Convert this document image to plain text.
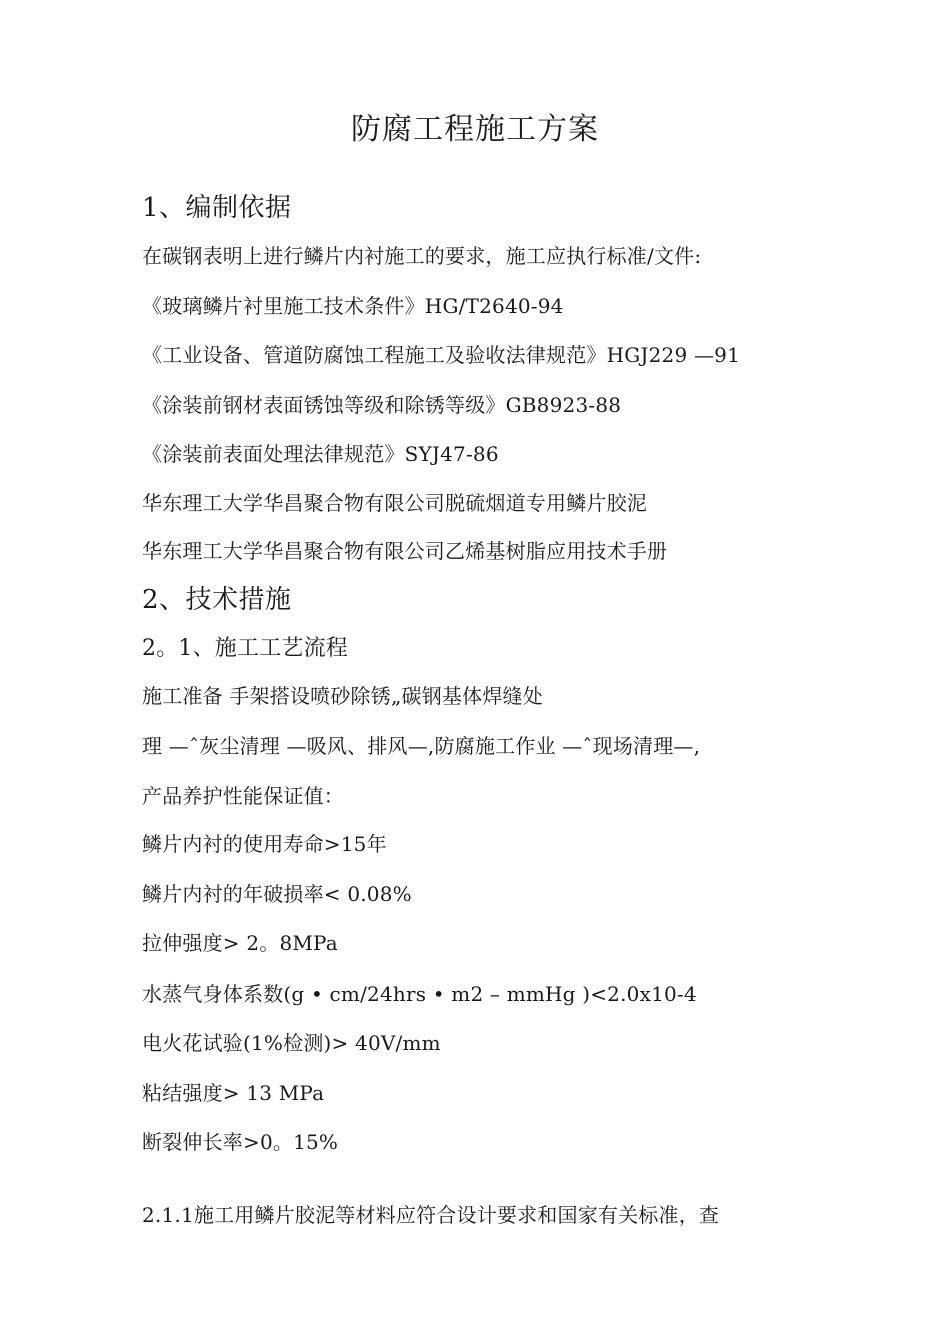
防腐工程施工方案
1、编制依据
在碳钢表明上进行鳞片内衬施工的要求，施工应执行标准/文件:
《玻璃鳞片衬里施工技术条件》HG/T2640-94
《工业设备、管道防腐蚀工程施工及验收法律规范》HGJ229 —91
《涂装前钢材表面锈蚀等级和除锈等级》GB8923-88
《涂装前表面处理法律规范》SYJ47-86
华东理工大学华昌聚合物有限公司脱硫烟道专用鳞片胶泥
华东理工大学华昌聚合物有限公司乙烯基树脂应用技术手册
2、技术措施
2。1、施工工艺流程
施工准备 手架搭设喷砂除锈„碳钢基体焊缝处
理 —ˆ灰尘清理 —吸风、排风—,防腐施工作业 —ˆ现场清理—,
产品养护性能保证值：
鳞片内衬的使用寿命>15年
鳞片内衬的年破损率< 0.08%
拉伸强度> 2。8MPa
水蒸气身体系数(g • cm/24hrs • m2 – mmHg )<2.0x10-4
电火花试验(1%检测)> 40V/mm
粘结强度> 13 MPa
断裂伸长率>0。15%
2.1.1施工用鳞片胶泥等材料应符合设计要求和国家有关标准，查
